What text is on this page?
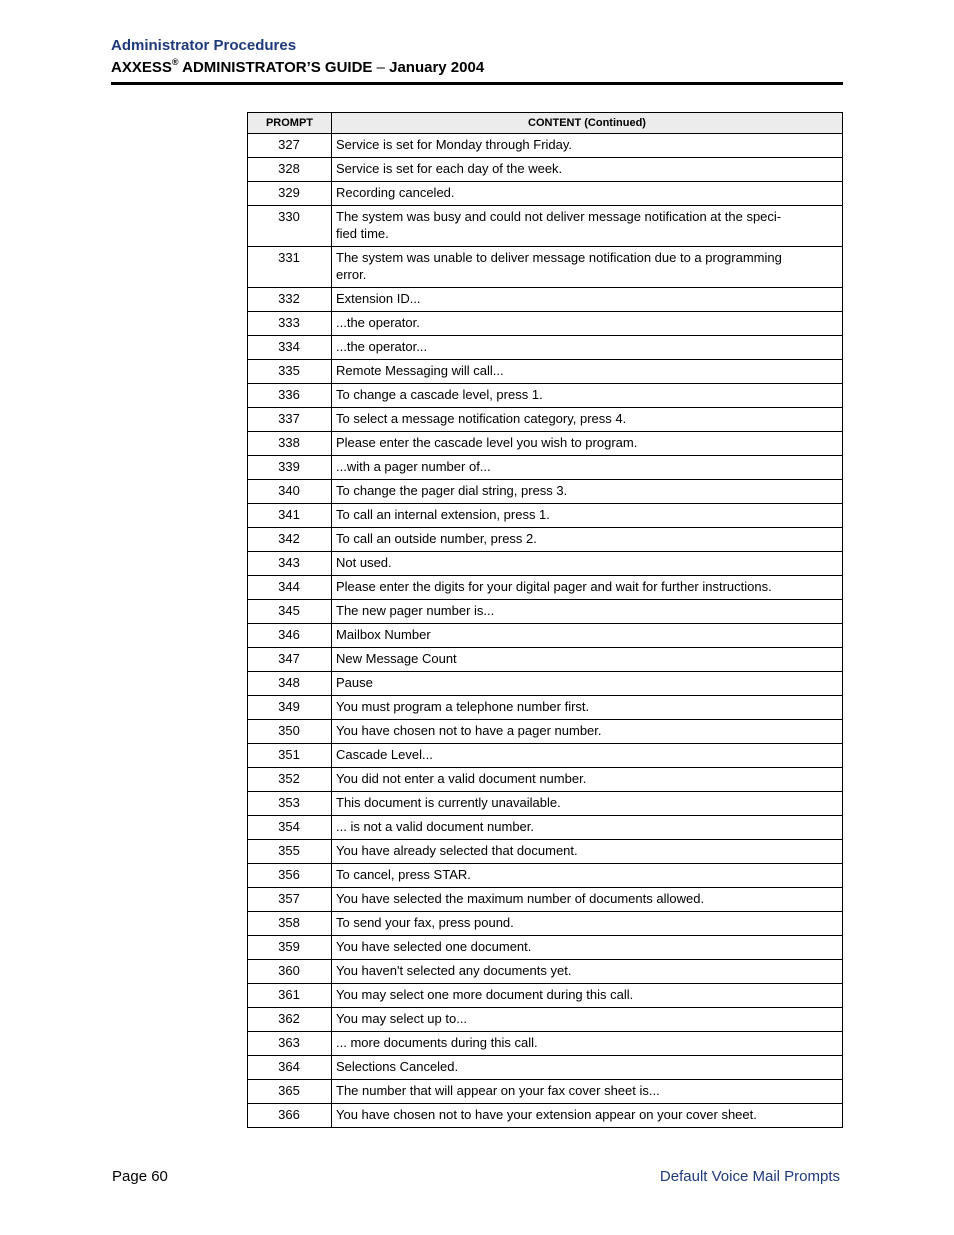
Administrator Procedures
AXXESS® ADMINISTRATOR’S GUIDE – January 2004
PROMPT	CONTENT (Continued)
327	Service is set for Monday through Friday.
328	Service is set for each day of the week.
329	Recording canceled.
330	The system was busy and could not deliver message notification at the speci-
fied time.
331	The system was unable to deliver message notification due to a programming
error.
332	Extension ID...
333	...the operator.
334	...the operator...
335	Remote Messaging will call...
336	To change a cascade level, press 1.
337	To select a message notification category, press 4.
338	Please enter the cascade level you wish to program.
339	...with a pager number of...
340	To change the pager dial string, press 3.
341	To call an internal extension, press 1.
342	To call an outside number, press 2.
343	Not used.
344	Please enter the digits for your digital pager and wait for further instructions.
345	The new pager number is...
346	Mailbox Number
347	New Message Count
348	Pause
349	You must program a telephone number first.
350	You have chosen not to have a pager number.
351	Cascade Level...
352	You did not enter a valid document number.
353	This document is currently unavailable.
354	... is not a valid document number.
355	You have already selected that document.
356	To cancel, press STAR.
357	You have selected the maximum number of documents allowed.
358	To send your fax, press pound.
359	You have selected one document.
360	You haven't selected any documents yet.
361	You may select one more document during this call.
362	You may select up to...
363	... more documents during this call.
364	Selections Canceled.
365	The number that will appear on your fax cover sheet is...
366	You have chosen not to have your extension appear on your cover sheet.
Page 60	Default Voice Mail Prompts
